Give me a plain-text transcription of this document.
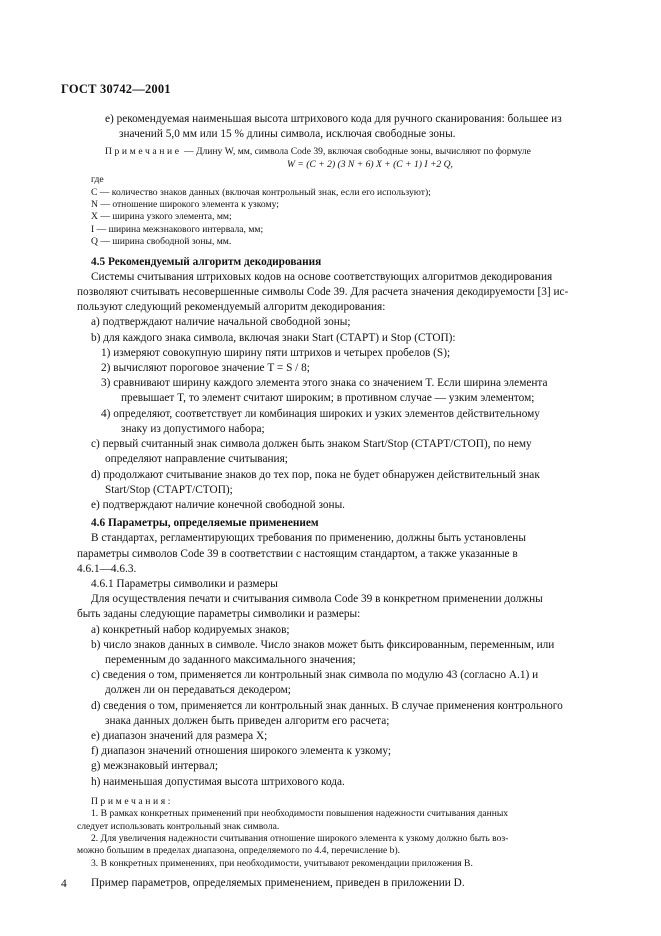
ГОСТ 30742—2001
е) рекомендуемая наименьшая высота штрихового кода для ручного сканирования: большее из
значений 5,0 мм или 15 % длины символа, исключая свободные зоны.
Примечание — Длину W, мм, символа Code 39, включая свободные зоны, вычисляют по формуле
W = (C + 2) (3 N + 6) X + (C + 1) I +2 Q,
где
C — количество знаков данных (включая контрольный знак, если его используют);
N — отношение широкого элемента к узкому;
X — ширина узкого элемента, мм;
I — ширина межзнакового интервала, мм;
Q — ширина свободной зоны, мм.
4.5 Рекомендуемый алгоритм декодирования
Системы считывания штриховых кодов на основе соответствующих алгоритмов декодирования
позволяют считывать несовершенные символы Code 39. Для расчета значения декодируемости [3] ис-
пользуют следующий рекомендуемый алгоритм декодирования:
а) подтверждают наличие начальной свободной зоны;
b) для каждого знака символа, включая знаки Start (СТАРТ) и Stop (СТОП):
1) измеряют совокупную ширину пяти штрихов и четырех пробелов (S);
2) вычисляют пороговое значение T = S / 8;
3) сравнивают ширину каждого элемента этого знака со значением T. Если ширина элемента
превышает T, то элемент считают широким; в противном случае — узким элементом;
4) определяют, соответствует ли комбинация широких и узких элементов действительному
знаку из допустимого набора;
с) первый считанный знак символа должен быть знаком Start/Stop (СТАРТ/СТОП), по нему
определяют направление считывания;
d) продолжают считывание знаков до тех пор, пока не будет обнаружен действительный знак
Start/Stop (СТАРТ/СТОП);
е) подтверждают наличие конечной свободной зоны.
4.6 Параметры, определяемые применением
В стандартах, регламентирующих требования по применению, должны быть установлены
параметры символов Code 39 в соответствии с настоящим стандартом, а также указанные в
4.6.1—4.6.3.
4.6.1 Параметры символики и размеры
Для осуществления печати и считывания символа Code 39 в конкретном применении должны
быть заданы следующие параметры символики и размеры:
а) конкретный набор кодируемых знаков;
b) число знаков данных в символе. Число знаков может быть фиксированным, переменным, или
переменным до заданного максимального значения;
с) сведения о том, применяется ли контрольный знак символа по модулю 43 (согласно А.1) и
должен ли он передаваться декодером;
d) сведения о том, применяется ли контрольный знак данных. В случае применения контрольного
знака данных должен быть приведен алгоритм его расчета;
е) диапазон значений для размера X;
f) диапазон значений отношения широкого элемента к узкому;
g) межзнаковый интервал;
h) наименьшая допустимая высота штрихового кода.
Примечания:
1. В рамках конкретных применений при необходимости повышения надежности считывания данных
следует использовать контрольный знак символа.
2. Для увеличения надежности считывания отношение широкого элемента к узкому должно быть воз-
можно большим в пределах диапазона, определяемого по 4.4, перечисление b).
3. В конкретных применениях, при необходимости, учитывают рекомендации приложения В.
Пример параметров, определяемых применением, приведен в приложении D.
4
